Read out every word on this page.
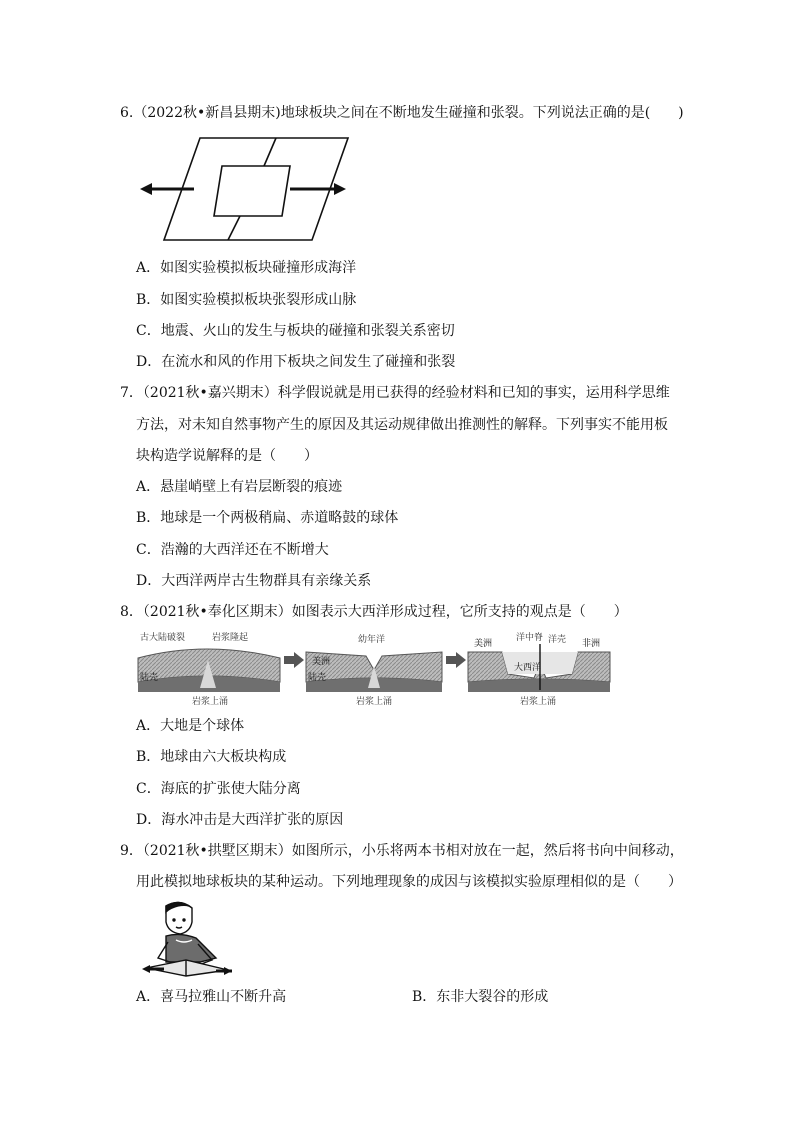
6.（2022秋•新昌县期末)地球板块之间在不断地发生碰撞和张裂。下列说法正确的是(　　)
A．如图实验模拟板块碰撞形成海洋
B．如图实验模拟板块张裂形成山脉
C．地震、火山的发生与板块的碰撞和张裂关系密切
D．在流水和风的作用下板块之间发生了碰撞和张裂
7．（2021秋•嘉兴期末）科学假说就是用已获得的经验材料和已知的事实，运用科学思维
方法，对未知自然事物产生的原因及其运动规律做出推测性的解释。下列事实不能用板
块构造学说解释的是（　　）
A．悬崖峭壁上有岩层断裂的痕迹
B．地球是一个两极稍扁、赤道略鼓的球体
C．浩瀚的大西洋还在不断增大
D．大西洋两岸古生物群具有亲缘关系
8．（2021秋•奉化区期末）如图表示大西洋形成过程，它所支持的观点是（　　）
古大陆破裂	岩浆隆起
陆壳
岩浆上涌
幼年洋
美洲
陆壳
岩浆上涌
美洲
洋中脊 洋壳 非洲
大西洋
岩浆上涌
A．大地是个球体
B．地球由六大板块构成
C．海底的扩张使大陆分离
D．海水冲击是大西洋扩张的原因
9．（2021秋•拱墅区期末）如图所示，小乐将两本书相对放在一起，然后将书向中间移动，
用此模拟地球板块的某种运动。下列地理现象的成因与该模拟实验原理相似的是（　　）
A．喜马拉雅山不断升高	B．东非大裂谷的形成
